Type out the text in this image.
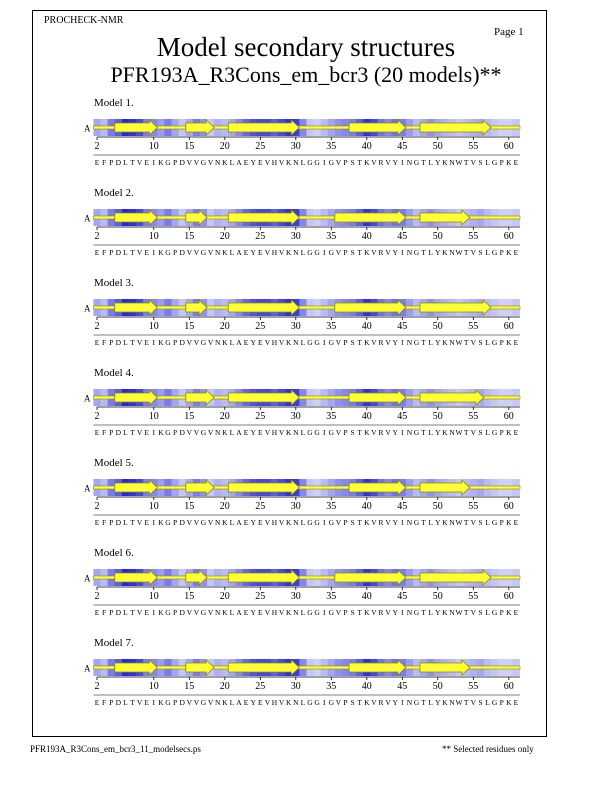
PROCHECK-NMR
Page 1
Model secondary structures
PFR193A_R3Cons_em_bcr3 (20 models)**
Model 1.
A
2	10	15	20	25	30	35	40	45	50	55	60
E F P D L T V E I K G P D V V G V N K L A E Y E V H V K N L G G I G V P S T K V R V Y I N G T L Y K N W T V S L G P K E
Model 2.
A
2	10	15	20	25	30	35	40	45	50	55	60
E F P D L T V E I K G P D V V G V N K L A E Y E V H V K N L G G I G V P S T K V R V Y I N G T L Y K N W T V S L G P K E
Model 3.
A
2	10	15	20	25	30	35	40	45	50	55	60
E F P D L T V E I K G P D V V G V N K L A E Y E V H V K N L G G I G V P S T K V R V Y I N G T L Y K N W T V S L G P K E
Model 4.
A
2	10	15	20	25	30	35	40	45	50	55	60
E F P D L T V E I K G P D V V G V N K L A E Y E V H V K N L G G I G V P S T K V R V Y I N G T L Y K N W T V S L G P K E
Model 5.
A
2	10	15	20	25	30	35	40	45	50	55	60
E F P D L T V E I K G P D V V G V N K L A E Y E V H V K N L G G I G V P S T K V R V Y I N G T L Y K N W T V S L G P K E
Model 6.
A
2	10	15	20	25	30	35	40	45	50	55	60
E F P D L T V E I K G P D V V G V N K L A E Y E V H V K N L G G I G V P S T K V R V Y I N G T L Y K N W T V S L G P K E
Model 7.
A
2	10	15	20	25	30	35	40	45	50	55	60
E F P D L T V E I K G P D V V G V N K L A E Y E V H V K N L G G I G V P S T K V R V Y I N G T L Y K N W T V S L G P K E
PFR193A_R3Cons_em_bcr3_11_modelsecs.ps	** Selected residues only
